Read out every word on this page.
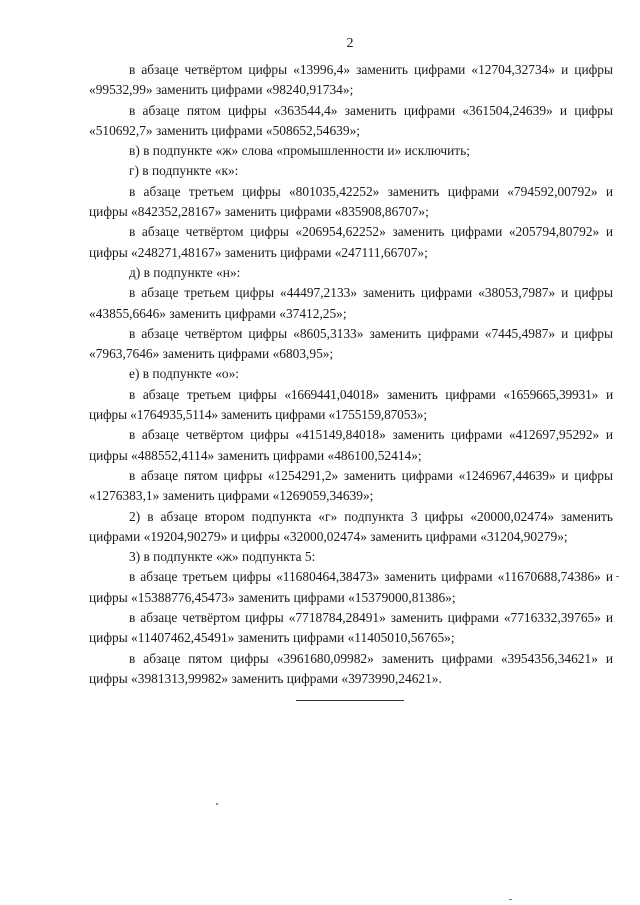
2

в абзаце четвёртом цифры «13996,4» заменить цифрами «12704,32734» и цифры «99532,99» заменить цифрами «98240,91734»;

в абзаце пятом цифры «363544,4» заменить цифрами «361504,24639» и цифры «510692,7» заменить цифрами «508652,54639»;

в) в подпункте «ж» слова «промышленности и» исключить;

г) в подпункте «к»:

в абзаце третьем цифры «801035,42252» заменить цифрами «794592,00792» и цифры «842352,28167» заменить цифрами «835908,86707»;

в абзаце четвёртом цифры «206954,62252» заменить цифрами «205794,80792» и цифры «248271,48167» заменить цифрами «247111,66707»;

д) в подпункте «н»:

в абзаце третьем цифры «44497,2133» заменить цифрами «38053,7987» и цифры «43855,6646» заменить цифрами «37412,25»;

в абзаце четвёртом цифры «8605,3133» заменить цифрами «7445,4987» и цифры «7963,7646» заменить цифрами «6803,95»;

е) в подпункте «о»:

в абзаце третьем цифры «1669441,04018» заменить цифрами «1659665,39931» и цифры «1764935,5114» заменить цифрами «1755159,87053»;

в абзаце четвёртом цифры «415149,84018» заменить цифрами «412697,95292» и цифры «488552,4114» заменить цифрами «486100,52414»;

в абзаце пятом цифры «1254291,2» заменить цифрами «1246967,44639» и цифры «1276383,1» заменить цифрами «1269059,34639»;

2) в абзаце втором подпункта «г» подпункта 3 цифры «20000,02474» заменить цифрами «19204,90279» и цифры «32000,02474» заменить цифрами «31204,90279»;

3) в подпункте «ж» подпункта 5:

в абзаце третьем цифры «11680464,38473» заменить цифрами «11670688,74386» и цифры «15388776,45473» заменить цифрами «15379000,81386»;

в абзаце четвёртом цифры «7718784,28491» заменить цифрами «7716332,39765» и цифры «11407462,45491» заменить цифрами «11405010,56765»;

в абзаце пятом цифры «3961680,09982» заменить цифрами «3954356,34621» и цифры «3981313,99982» заменить цифрами «3973990,24621».
